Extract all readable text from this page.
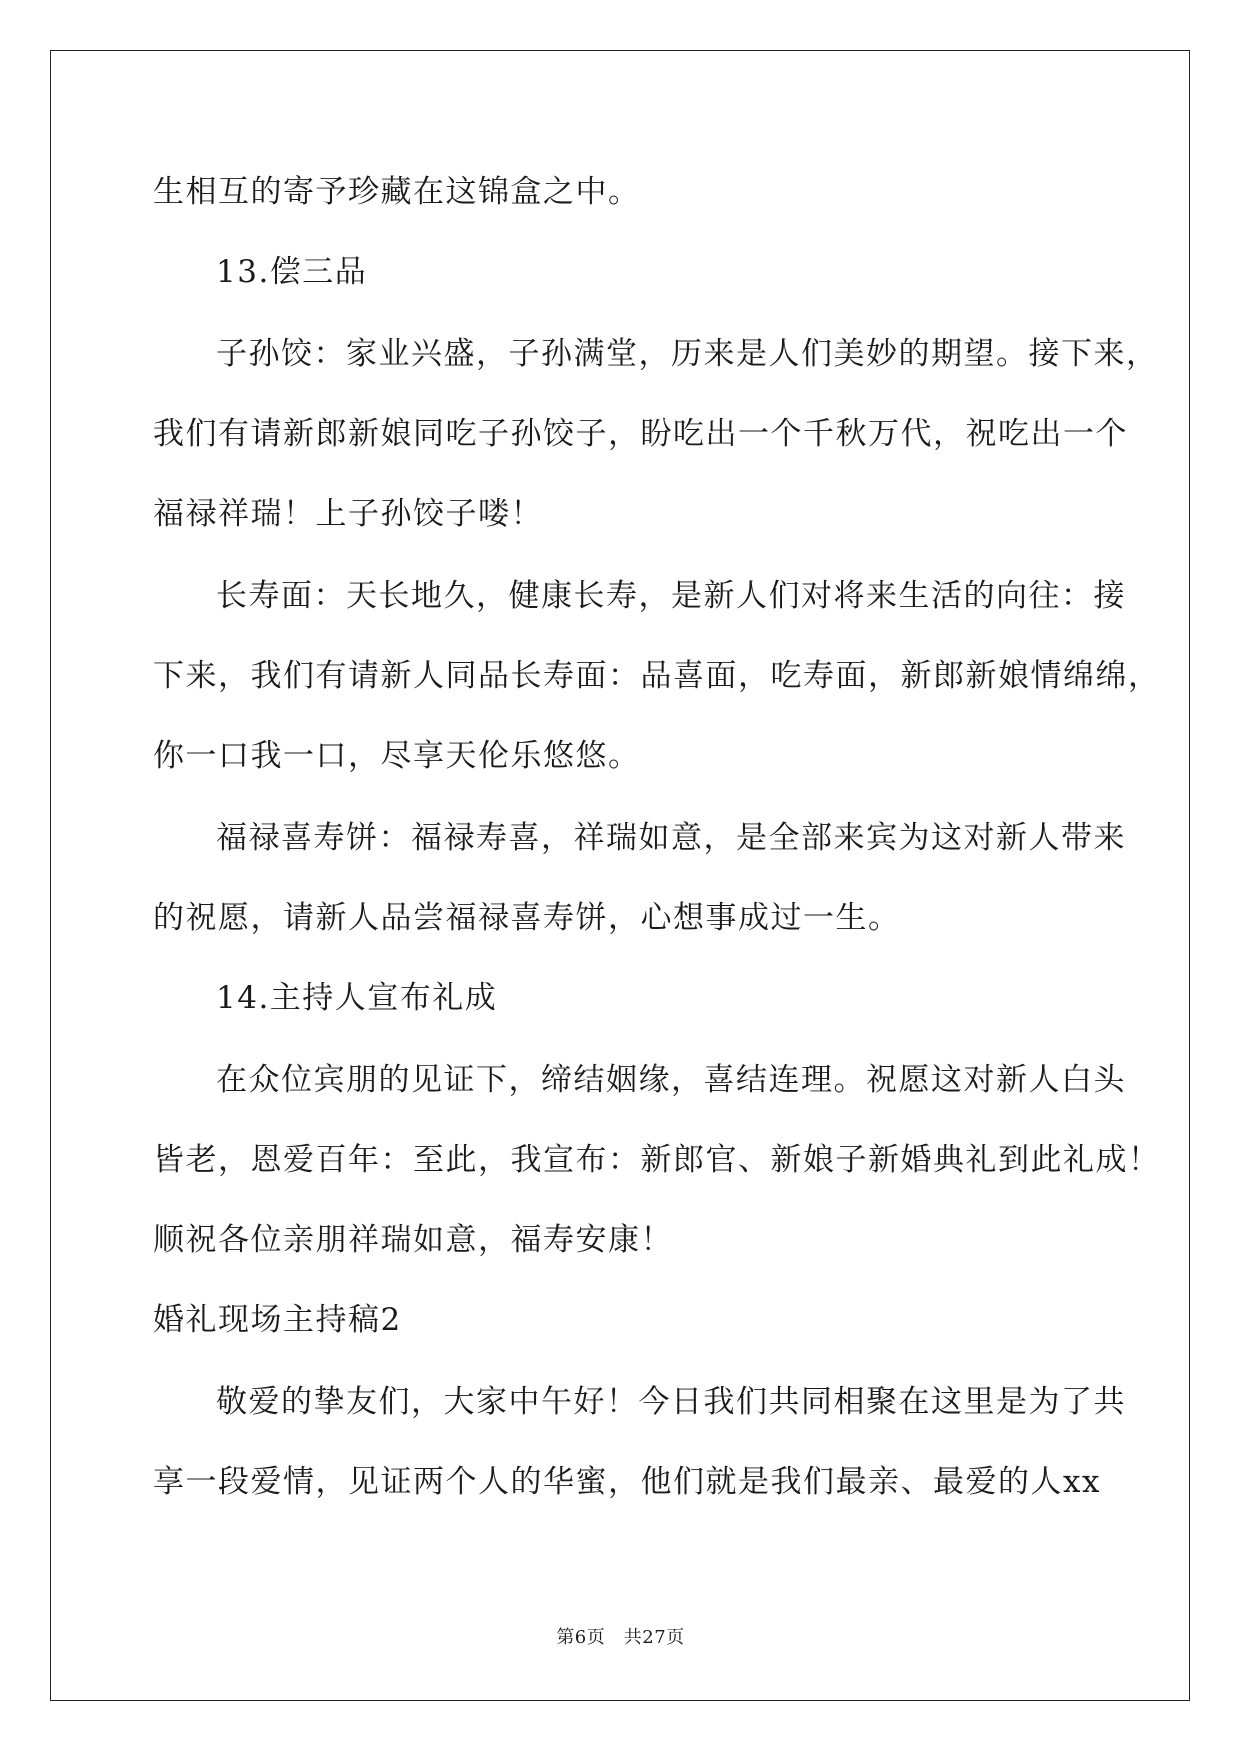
生相互的寄予珍藏在这锦盒之中。
13.偿三品
子孙饺：家业兴盛，子孙满堂，历来是人们美妙的期望。接下来，
我们有请新郎新娘同吃子孙饺子，盼吃出一个千秋万代，祝吃出一个
福禄祥瑞！上子孙饺子喽！
长寿面：天长地久，健康长寿，是新人们对将来生活的向往：接
下来，我们有请新人同品长寿面：品喜面，吃寿面，新郎新娘情绵绵，
你一口我一口，尽享天伦乐悠悠。
福禄喜寿饼：福禄寿喜，祥瑞如意，是全部来宾为这对新人带来
的祝愿，请新人品尝福禄喜寿饼，心想事成过一生。
14.主持人宣布礼成
在众位宾朋的见证下，缔结姻缘，喜结连理。祝愿这对新人白头
皆老，恩爱百年：至此，我宣布：新郎官、新娘子新婚典礼到此礼成！
顺祝各位亲朋祥瑞如意，福寿安康！
婚礼现场主持稿2
敬爱的挚友们，大家中午好！今日我们共同相聚在这里是为了共
享一段爱情，见证两个人的华蜜，他们就是我们最亲、最爱的人xx
第6页　共27页
